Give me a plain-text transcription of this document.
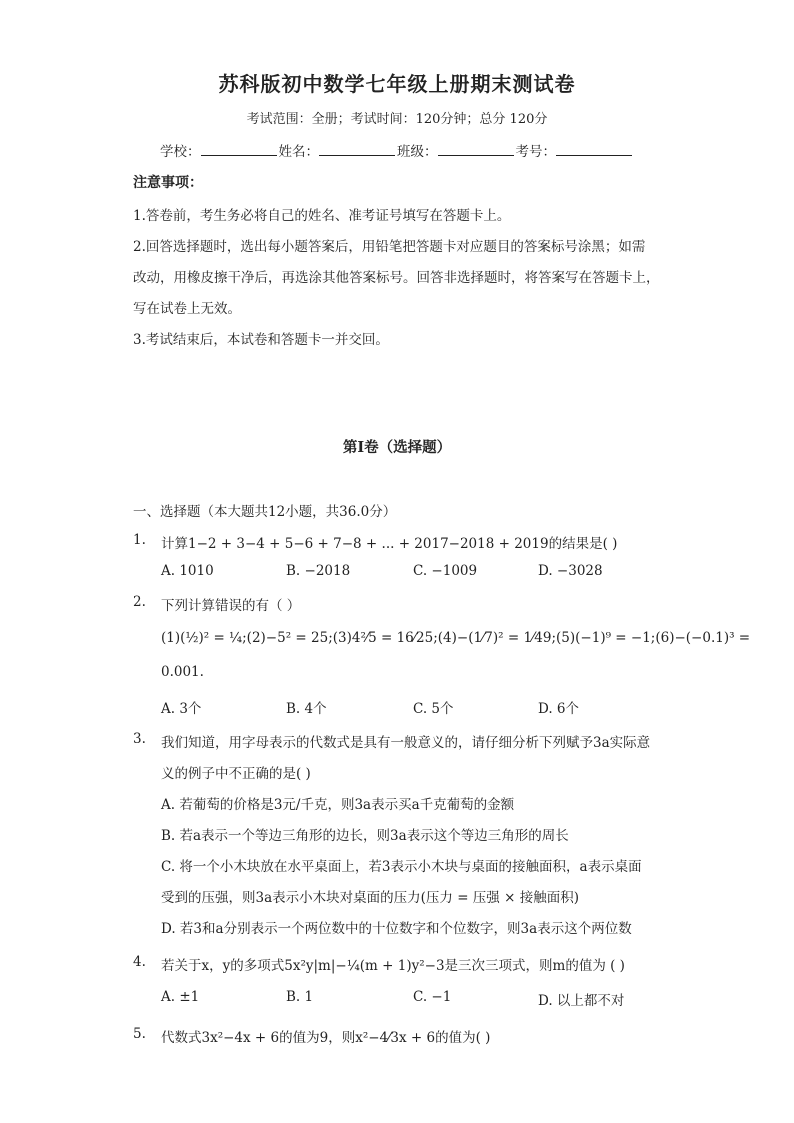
苏科版初中数学七年级上册期末测试卷
考试范围：全册；考试时间：120分钟；总分 120分
学校：	姓名：	班级：	考号：
注意事项：
1.答卷前，考生务必将自己的姓名、准考证号填写在答题卡上。
2.回答选择题时，选出每小题答案后，用铅笔把答题卡对应题目的答案标号涂黑；如需
改动，用橡皮擦干净后，再选涂其他答案标号。回答非选择题时，将答案写在答题卡上，
写在试卷上无效。
3.考试结束后，本试卷和答题卡一并交回。
第I卷（选择题）
一、选择题（本大题共12小题，共36.0分）
1. 计算1−2 + 3−4 + 5−6 + 7−8 + ... + 2017−2018 + 2019的结果是( )
A. 1010	B. −2018	C. −1009	D. −3028
2. 下列计算错误的有（ ）
(1)(½)² = ¼;(2)−5² = 25;(3)4²⁄5 = 16⁄25;(4)−(1⁄7)² = 1⁄49;(5)(−1)⁹ = −1;(6)−(−0.1)³ =
0.001.
A. 3个	B. 4个	C. 5个	D. 6个
3. 我们知道，用字母表示的代数式是具有一般意义的，请仔细分析下列赋予3a实际意
义的例子中不正确的是( )
A. 若葡萄的价格是3元/千克，则3a表示买a千克葡萄的金额
B. 若a表示一个等边三角形的边长，则3a表示这个等边三角形的周长
C. 将一个小木块放在水平桌面上，若3表示小木块与桌面的接触面积，a表示桌面
受到的压强，则3a表示小木块对桌面的压力(压力 = 压强 × 接触面积)
D. 若3和a分别表示一个两位数中的十位数字和个位数字，则3a表示这个两位数
4. 若关于x，y的多项式5x²y|m|−¼(m + 1)y²−3是三次三项式，则m的值为 ( )
A. ±1	B. 1	C. −1	D. 以上都不对
5. 代数式3x²−4x + 6的值为9，则x²−4⁄3x + 6的值为( )
